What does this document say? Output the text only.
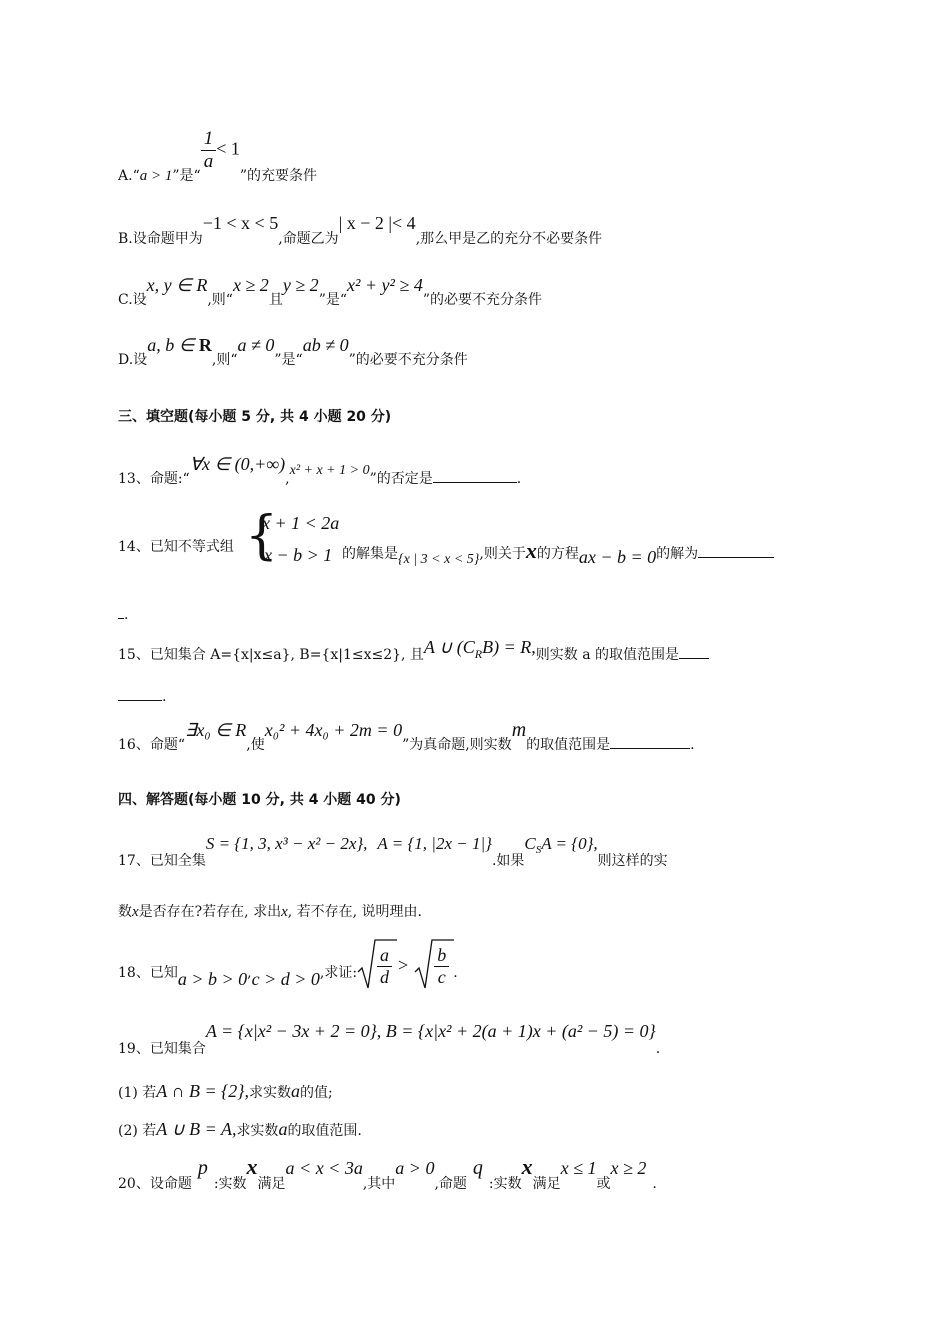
A.“a > 1”是“
$\frac{1}{a} < 1$”的充要条件
B.设命题甲为−1 < x < 5,命题乙为| x − 2 |< 4,那么甲是乙的充分不必要条件
C.设x, y ∈ R,则“x ≥ 2且y ≥ 2”是“x² + y² ≥ 4”的必要不充分条件
D.设a, b ∈ R,则“a ≠ 0”是“ab ≠ 0”的必要不充分条件
三、填空题(每小题 5 分, 共 4 小题 20 分)
13、命题:“∀x ∈ (0,+∞),x² + x + 1 > 0”的否定是	.
14、已知不等式组 {
x + 1 < 2a
x − b > 1 的解集是{x | 3 < x < 5},则关于x的方程ax − b = 0的解为
.
15、已知集合 A={x|x≤a}, B={x|1≤x≤2}, 且A ∪ (CRB) = R,则实数 a 的取值范围是
.
16、命题“∃x₀ ∈ R,使x₀² + 4x₀ + 2m = 0”为真命题,则实数m的取值范围是	.
四、解答题(每小题 10 分, 共 4 小题 40 分)
17、已知全集S = {1, 3, x³ − x² − 2x}, A = {1, |2x − 1|}.如果$C_SA = \{0\}$,则这样的实
数x是否存在?若存在, 求出x, 若不存在, 说明理由.
18、已知a > b > 0,c > d > 0,求证: $\frac{a}{d} > \frac{b}{c}$ .
19、已知集合A = {x|x² − 3x + 2 = 0}, B = {x|x² + 2(a + 1)x + (a² − 5) = 0}.
(1) 若A ∩ B = {2},求实数a的值;
(2) 若A ∪ B = A,求实数a的取值范围.
20、设命题p:实数x满足a < x < 3a,其中a > 0,命题q:实数x满足x ≤ 1或x ≥ 2.
